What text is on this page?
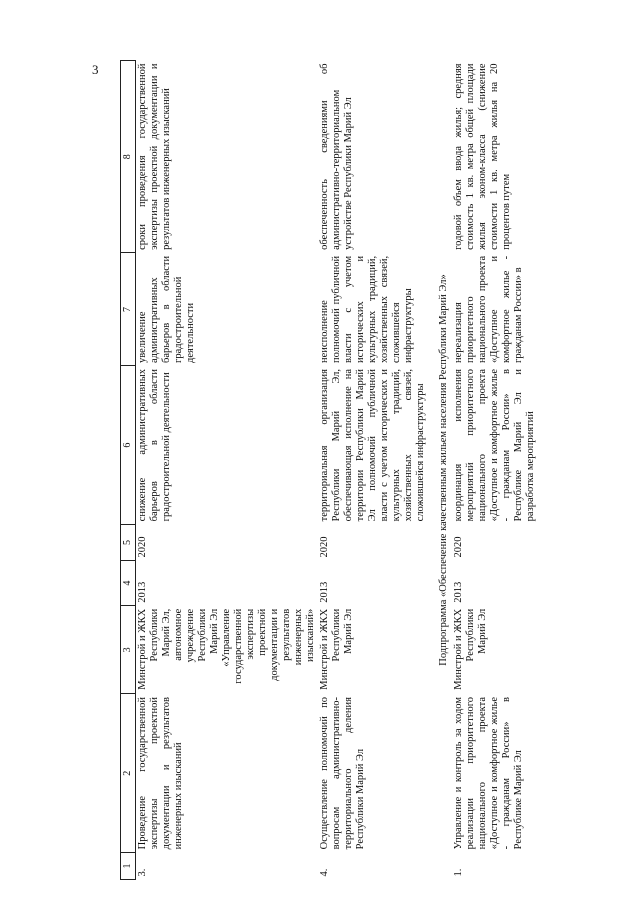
3
1	2	3	4	5	6	7	8
3.	Проведение государственной экспертизы проектной документации и результатов инженерных изысканий	Минстрой и ЖКХ Республики Марий Эл, автономное учреждение Республики Марий Эл «Управление государственной экспертизы проектной документации и результатов инженерных изысканий»	2013	2020	снижение административных барьеров в области градостроительной деятельности	увеличение административных барьеров в области градостроительной деятельности	сроки проведения государственной экспертизы проектной документации и результатов инженерных изысканий
4.	Осуществление полномочий по вопросам административно-территориального деления Республики Марий Эл	Минстрой и ЖКХ Республики Марий Эл	2013	2020	территориальная организация Республики Марий Эл, обеспечивающая исполнение на территории Республики Марий Эл полномочий публичной власти с учетом исторических и культурных традиций, хозяйственных связей, сложившейся инфраструктуры	неисполнение полномочий публичной власти с учетом исторических и культурных традиций, хозяйственных связей, сложившейся инфраструктуры	обеспеченность сведениями об административно-территориальном устройстве Республики Марий Эл
Подпрограмма «Обеспечение качественным жильем населения Республики Марий Эл»							
1.	Управление и контроль за ходом реализации приоритетного национального проекта «Доступное и комфортное жилье - гражданам России» в Республике Марий Эл	Минстрой и ЖКХ Республики Марий Эл	2013	2020	координация исполнения мероприятий приоритетного национального проекта «Доступное и комфортное жилье - гражданам России» в Республике Марий Эл и разработка мероприятий	нереализация приоритетного национального проекта «Доступное и комфортное жилье - гражданам России» в	годовой объем ввода жилья; средняя стоимость 1 кв. метра общей площади жилья эконом-класса (снижение стоимости 1 кв. метра жилья на 20 процентов путем
